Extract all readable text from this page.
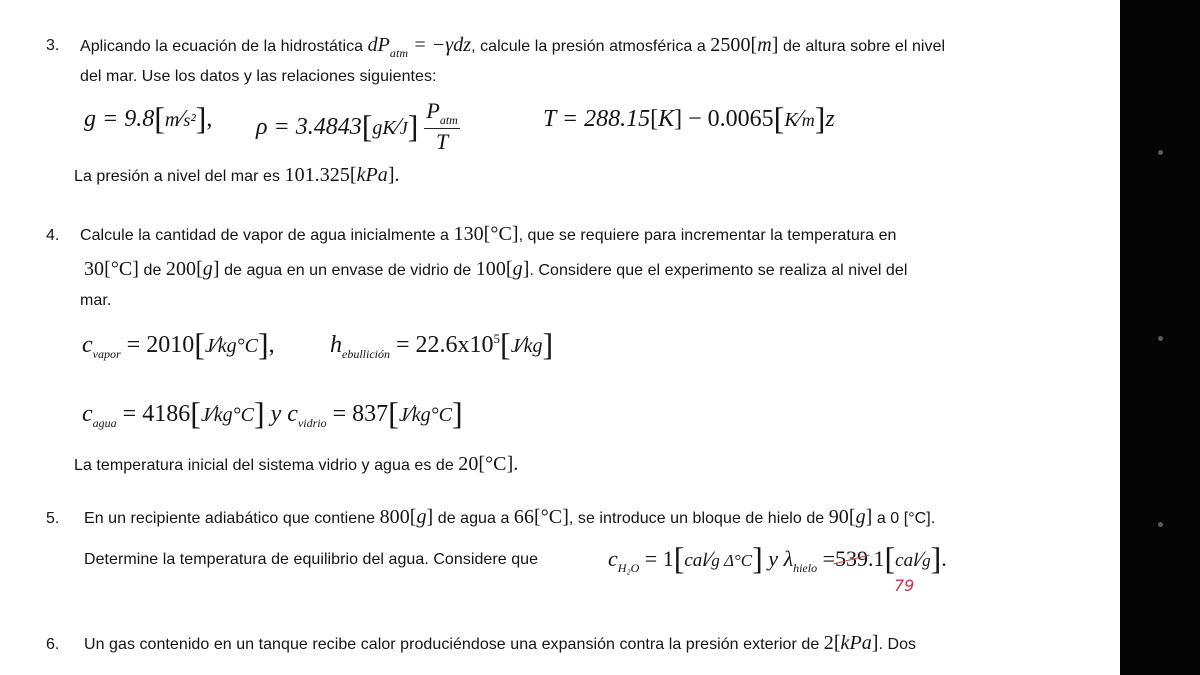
3. Aplicando la ecuación de la hidrostática $dP_{atm} = -\gamma dz$, calcule la presión atmosférica a 2500[m] de altura sobre el nivel
del mar. Use los datos y las relaciones siguientes:
g = 9.8[m⁄s²], ρ = 3.4843[gK⁄J] $\frac{P_{atm}}{T}$	T = 288.15[K] − 0.0065[K⁄m]z
La presión a nivel del mar es 101.325[kPa].
4. Calcule la cantidad de vapor de agua inicialmente a 130[°C], que se requiere para incrementar la temperatura en
30[°C] de 200[g] de agua en un envase de vidrio de 100[g]. Considere que el experimento se realiza al nivel del
mar.
$c_{vapor}$ = 2010[J⁄kg°C], $h_{ebullición}$ = $22.6x10^5[J⁄kg]$
$c_{agua}$ = 4186[J⁄kg°C] y $c_{vidrio}$ = 837[J⁄kg°C]
La temperatura inicial del sistema vidrio y agua es de 20[°C].
5. En un recipiente adiabático que contiene 800[g] de agua a 66[°C], se introduce un bloque de hielo de 90[g] a 0 [°C].
Determine la temperatura de equilibrio del agua. Considere que	$c_{H_2O}$ = 1[cal⁄g Δ°C] y $\lambda_{hielo}$ =539.1[cal⁄g].
79
6. Un gas contenido en un tanque recibe calor produciéndose una expansión contra la presión exterior de 2[kPa]. Dos
